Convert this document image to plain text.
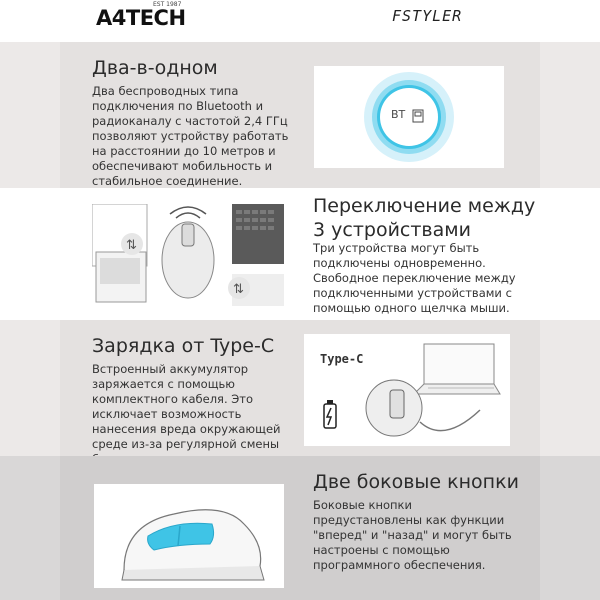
A4TECH
EST 1987
FSTYLER
Два-в-одном
Два беспроводных типа
подключения по Bluetooth и
радиоканалу с частотой 2,4 ГГц
позволяют устройству работать
на расстоянии до 10 метров и
обеспечивают мобильность и
стабильное соединение.
BT
⇅
⇅
Переключение между
3 устройствами
Три устройства могут быть
подключены одновременно.
Свободное переключение между
подключенными устройствами с
помощью одного щелчка мыши.
Зарядка от Type-C
Встроенный аккумулятор
заряжается с помощью
комплектного кабеля. Это
исключает возможность
нанесения вреда окружающей
среде из-за регулярной смены
Type-C
Две боковые кнопки
Боковые кнопки
предустановлены как функции
"вперед" и "назад" и могут быть
настроены с помощью
программного обеспечения.
